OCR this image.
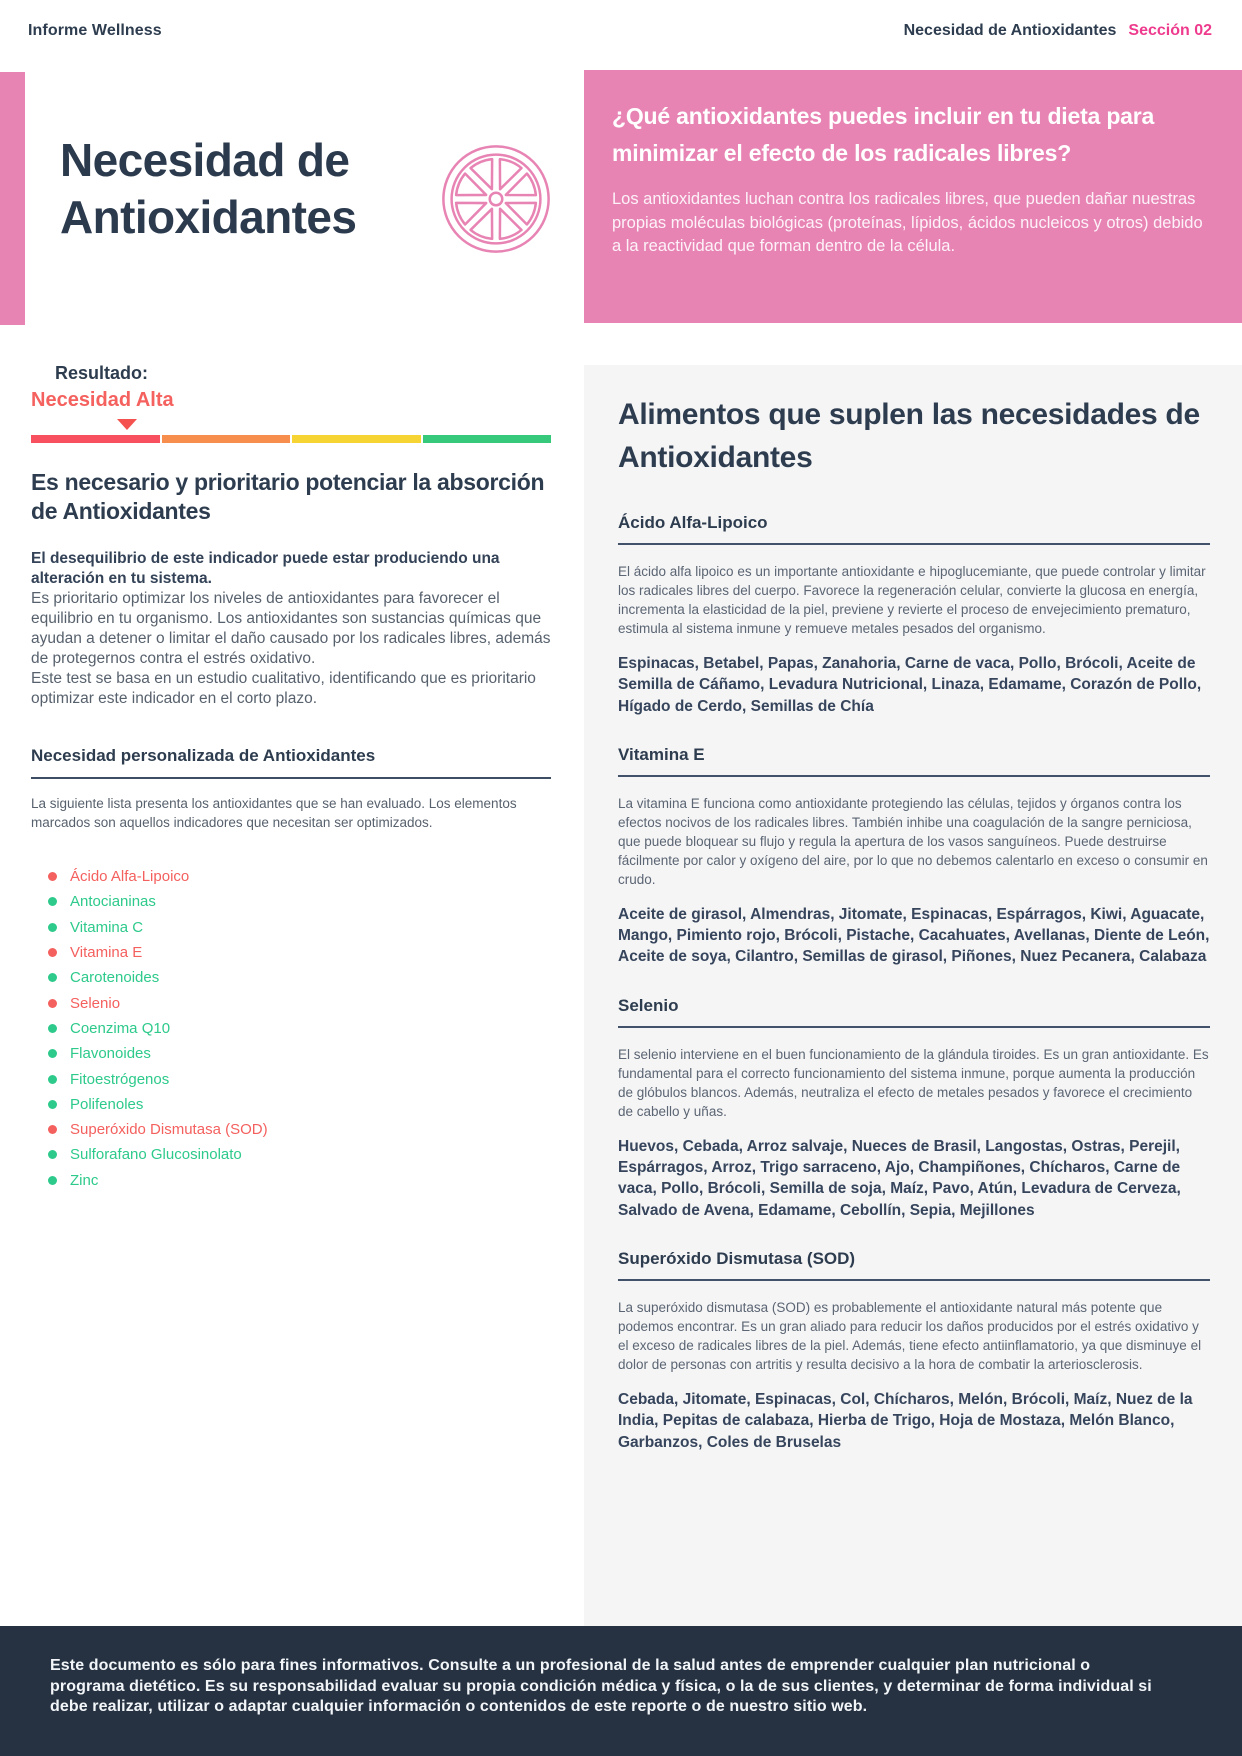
Informe Wellness	Necesidad de Antioxidantes Sección 02
Necesidad de
Antioxidantes
¿Qué antioxidantes puedes incluir en tu dieta para minimizar el efecto de los radicales libres?

Los antioxidantes luchan contra los radicales libres, que pueden dañar nuestras propias moléculas biológicas (proteínas, lípidos, ácidos nucleicos y otros) debido a la reactividad que forman dentro de la célula.

Resultado:
Necesidad Alta
Es necesario y prioritario potenciar la absorción de Antioxidantes

El desequilibrio de este indicador puede estar produciendo una alteración en tu sistema.

Es prioritario optimizar los niveles de antioxidantes para favorecer el equilibrio en tu organismo. Los antioxidantes son sustancias químicas que ayudan a detener o limitar el daño causado por los radicales libres, además de protegernos contra el estrés oxidativo.

Este test se basa en un estudio cualitativo, identificando que es prioritario optimizar este indicador en el corto plazo.

Necesidad personalizada de Antioxidantes

La siguiente lista presenta los antioxidantes que se han evaluado. Los elementos marcados son aquellos indicadores que necesitan ser optimizados.

Ácido Alfa-Lipoico
Antocianinas
Vitamina C
Vitamina E
Carotenoides
Selenio
Coenzima Q10
Flavonoides
Fitoestrógenos
Polifenoles
Superóxido Dismutasa (SOD)
Sulforafano Glucosinolato
Zinc
Alimentos que suplen las necesidades de Antioxidantes
Ácido Alfa-Lipoico

El ácido alfa lipoico es un importante antioxidante e hipoglucemiante, que puede controlar y limitar los radicales libres del cuerpo. Favorece la regeneración celular, convierte la glucosa en energía, incrementa la elasticidad de la piel, previene y revierte el proceso de envejecimiento prematuro, estimula al sistema inmune y remueve metales pesados del organismo.

Espinacas, Betabel, Papas, Zanahoria, Carne de vaca, Pollo, Brócoli, Aceite de Semilla de Cáñamo, Levadura Nutricional, Linaza, Edamame, Corazón de Pollo, Hígado de Cerdo, Semillas de Chía

Vitamina E

La vitamina E funciona como antioxidante protegiendo las células, tejidos y órganos contra los efectos nocivos de los radicales libres. También inhibe una coagulación de la sangre perniciosa, que puede bloquear su flujo y regula la apertura de los vasos sanguíneos. Puede destruirse fácilmente por calor y oxígeno del aire, por lo que no debemos calentarlo en exceso o consumir en crudo.

Aceite de girasol, Almendras, Jitomate, Espinacas, Espárragos, Kiwi, Aguacate, Mango, Pimiento rojo, Brócoli, Pistache, Cacahuates, Avellanas, Diente de León, Aceite de soya, Cilantro, Semillas de girasol, Piñones, Nuez Pecanera, Calabaza

Selenio

El selenio interviene en el buen funcionamiento de la glándula tiroides. Es un gran antioxidante. Es fundamental para el correcto funcionamiento del sistema inmune, porque aumenta la producción de glóbulos blancos. Además, neutraliza el efecto de metales pesados y favorece el crecimiento de cabello y uñas.

Huevos, Cebada, Arroz salvaje, Nueces de Brasil, Langostas, Ostras, Perejil, Espárragos, Arroz, Trigo sarraceno, Ajo, Champiñones, Chícharos, Carne de vaca, Pollo, Brócoli, Semilla de soja, Maíz, Pavo, Atún, Levadura de Cerveza, Salvado de Avena, Edamame, Cebollín, Sepia, Mejillones

Superóxido Dismutasa (SOD)

La superóxido dismutasa (SOD) es probablemente el antioxidante natural más potente que podemos encontrar. Es un gran aliado para reducir los daños producidos por el estrés oxidativo y el exceso de radicales libres de la piel. Además, tiene efecto antiinflamatorio, ya que disminuye el dolor de personas con artritis y resulta decisivo a la hora de combatir la arteriosclerosis.

Cebada, Jitomate, Espinacas, Col, Chícharos, Melón, Brócoli, Maíz, Nuez de la India, Pepitas de calabaza, Hierba de Trigo, Hoja de Mostaza, Melón Blanco, Garbanzos, Coles de Bruselas

Este documento es sólo para fines informativos. Consulte a un profesional de la salud antes de emprender cualquier plan nutricional o programa dietético. Es su responsabilidad evaluar su propia condición médica y física, o la de sus clientes, y determinar de forma individual si debe realizar, utilizar o adaptar cualquier información o contenidos de este reporte o de nuestro sitio web.
